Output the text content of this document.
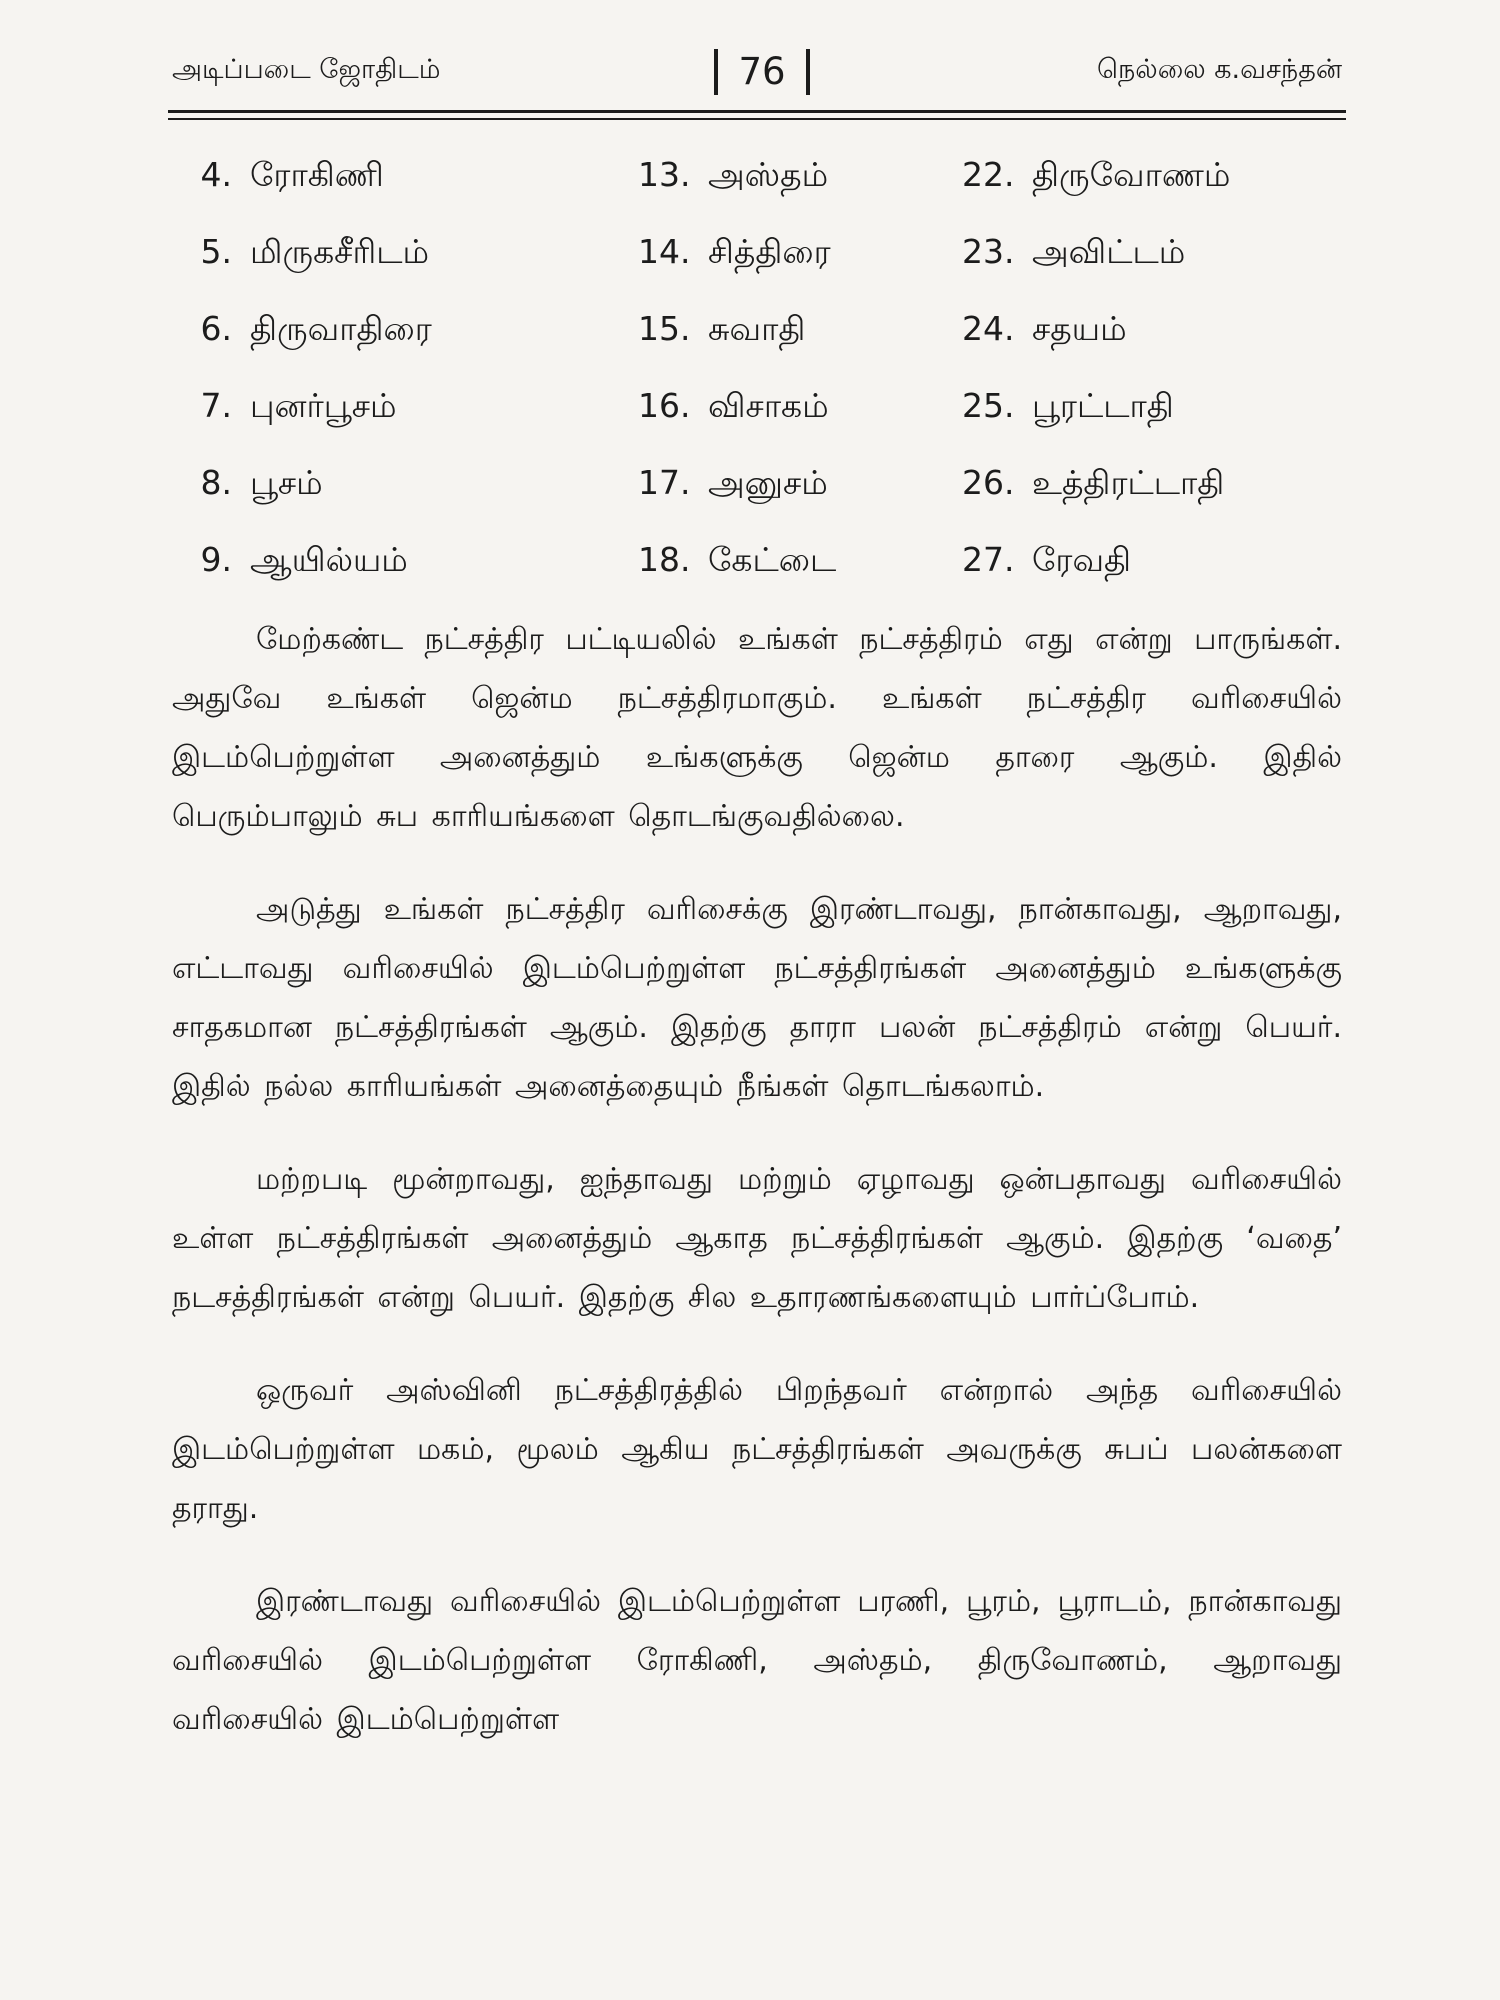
அடிப்படை ஜோதிடம்	76	நெல்லை க.வசந்தன்
4. ரோகிணி	13. அஸ்தம்	22. திருவோணம்
5. மிருகசீரிடம்	14. சித்திரை	23. அவிட்டம்
6. திருவாதிரை	15. சுவாதி	24. சதயம்
7. புனர்பூசம்	16. விசாகம்	25. பூரட்டாதி
8. பூசம்	17. அனுசம்	26. உத்திரட்டாதி
9. ஆயில்யம்	18. கேட்டை	27. ரேவதி

மேற்கண்ட நட்சத்திர பட்டியலில் உங்கள் நட்சத்திரம் எது என்று பாருங்கள். அதுவே உங்கள் ஜென்ம நட்சத்திரமாகும். உங்கள் நட்சத்திர வரிசையில் இடம்பெற்றுள்ள அனைத்தும் உங்களுக்கு ஜென்ம தாரை ஆகும். இதில் பெரும்பாலும் சுப காரியங்களை தொடங்குவதில்லை.

அடுத்து உங்கள் நட்சத்திர வரிசைக்கு இரண்டாவது, நான்காவது, ஆறாவது, எட்டாவது வரிசையில் இடம்பெற்றுள்ள நட்சத்திரங்கள் அனைத்தும் உங்களுக்கு சாதகமான நட்சத்திரங்கள் ஆகும். இதற்கு தாரா பலன் நட்சத்திரம் என்று பெயர். இதில் நல்ல காரியங்கள் அனைத்தையும் நீங்கள் தொடங்கலாம்.

மற்றபடி மூன்றாவது, ஐந்தாவது மற்றும் ஏழாவது ஒன்பதாவது வரிசையில் உள்ள நட்சத்திரங்கள் அனைத்தும் ஆகாத நட்சத்திரங்கள் ஆகும். இதற்கு ‘வதை’ நடசத்திரங்கள் என்று பெயர். இதற்கு சில உதாரணங்களையும் பார்ப்போம்.

ஒருவர் அஸ்வினி நட்சத்திரத்தில் பிறந்தவர் என்றால் அந்த வரிசையில் இடம்பெற்றுள்ள மகம், மூலம் ஆகிய நட்சத்திரங்கள் அவருக்கு சுபப் பலன்களை தராது.

இரண்டாவது வரிசையில் இடம்பெற்றுள்ள பரணி, பூரம், பூராடம், நான்காவது வரிசையில் இடம்பெற்றுள்ள ரோகிணி, அஸ்தம், திருவோணம், ஆறாவது வரிசையில் இடம்பெற்றுள்ள
